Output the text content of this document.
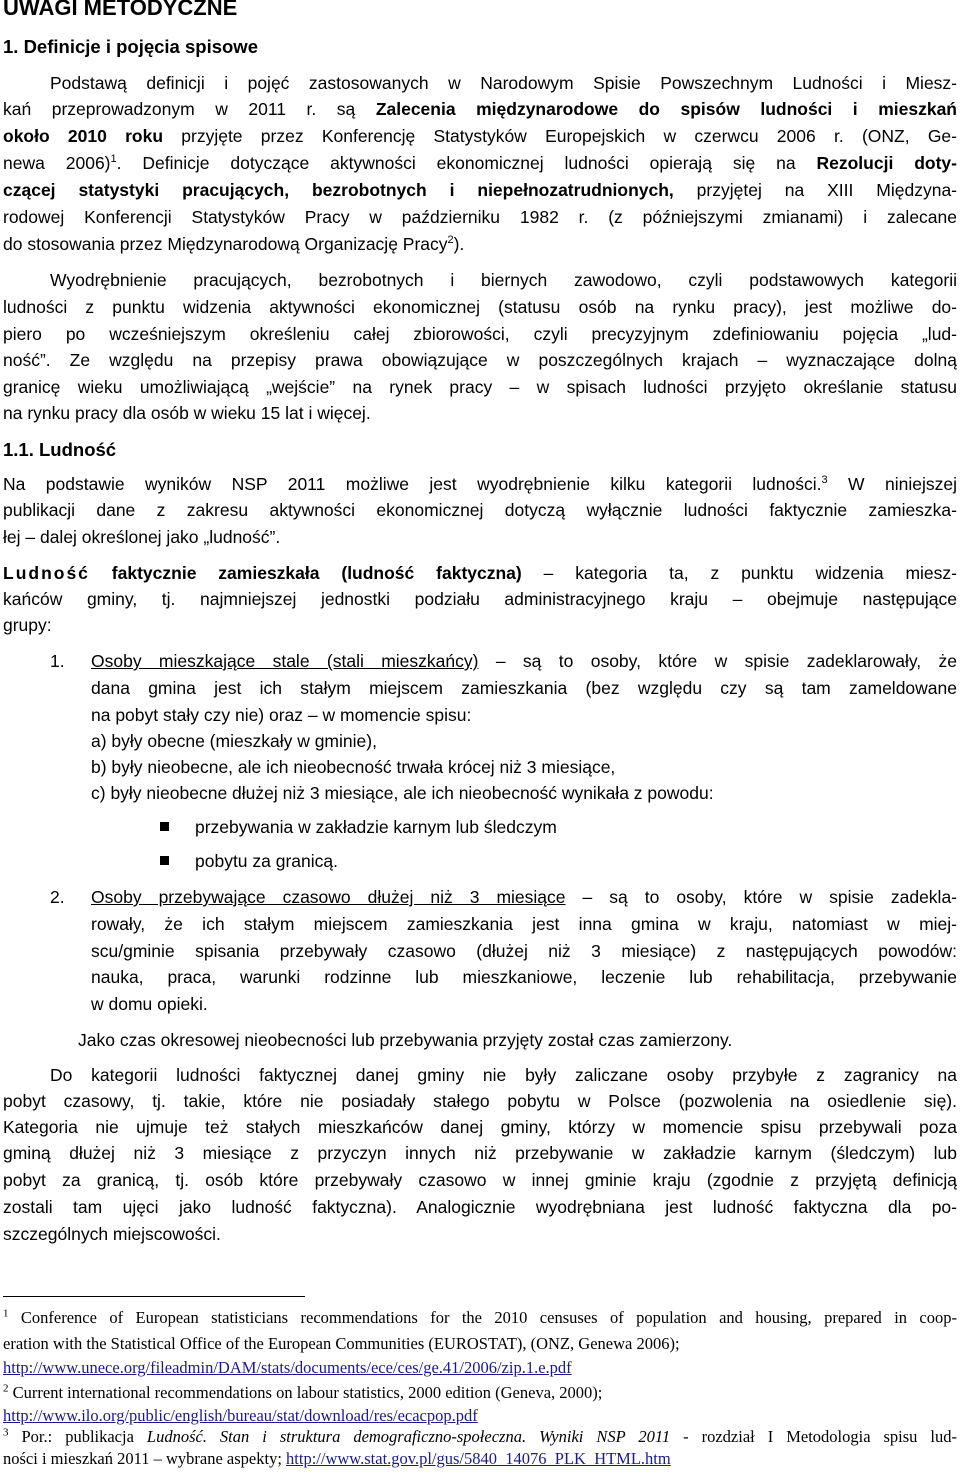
UWAGI METODYCZNE
1. Definicje i pojęcia spisowe
Podstawą definicji i pojęć zastosowanych w Narodowym Spisie Powszechnym Ludności i Miesz-
kań przeprowadzonym w 2011 r. są Zalecenia międzynarodowe do spisów ludności i mieszkań
około 2010 roku przyjęte przez Konferencję Statystyków Europejskich w czerwcu 2006 r. (ONZ, Ge-
newa 2006)$^1$. Definicje dotyczące aktywności ekonomicznej ludności opierają się na Rezolucji doty-
czącej statystyki pracujących, bezrobotnych i niepełnozatrudnionych, przyjętej na XIII Międzyna-
rodowej Konferencji Statystyków Pracy w październiku 1982 r. (z późniejszymi zmianami) i zalecane
do stosowania przez Międzynarodową Organizację Pracy$^2$).
Wyodrębnienie pracujących, bezrobotnych i biernych zawodowo, czyli podstawowych kategorii
ludności z punktu widzenia aktywności ekonomicznej (statusu osób na rynku pracy), jest możliwe do-
piero po wcześniejszym określeniu całej zbiorowości, czyli precyzyjnym zdefiniowaniu pojęcia „lud-
ność”. Ze względu na przepisy prawa obowiązujące w poszczególnych krajach – wyznaczające dolną
granicę wieku umożliwiającą „wejście” na rynek pracy – w spisach ludności przyjęto określanie statusu
na rynku pracy dla osób w wieku 15 lat i więcej.
1.1. Ludność
Na podstawie wyników NSP 2011 możliwe jest wyodrębnienie kilku kategorii ludności.$^3$ W niniejszej
publikacji dane z zakresu aktywności ekonomicznej dotyczą wyłącznie ludności faktycznie zamieszka-
łej – dalej określonej jako „ludność”.
Ludność faktycznie zamieszkała (ludność faktyczna) – kategoria ta, z punktu widzenia miesz-
kańców gminy, tj. najmniejszej jednostki podziału administracyjnego kraju – obejmuje następujące
grupy:
1.	Osoby mieszkające stale (stali mieszkańcy) – są to osoby, które w spisie zadeklarowały, że
dana gmina jest ich stałym miejscem zamieszkania (bez względu czy są tam zameldowane
na pobyt stały czy nie) oraz – w momencie spisu:
a) były obecne (mieszkały w gminie),
b) były nieobecne, ale ich nieobecność trwała krócej niż 3 miesiące,
c) były nieobecne dłużej niż 3 miesiące, ale ich nieobecność wynikała z powodu:
przebywania w zakładzie karnym lub śledczym
pobytu za granicą.
2.	Osoby przebywające czasowo dłużej niż 3 miesiące – są to osoby, które w spisie zadekla-
rowały, że ich stałym miejscem zamieszkania jest inna gmina w kraju, natomiast w miej-
scu/gminie spisania przebywały czasowo (dłużej niż 3 miesiące) z następujących powodów:
nauka, praca, warunki rodzinne lub mieszkaniowe, leczenie lub rehabilitacja, przebywanie
w domu opieki.
Jako czas okresowej nieobecności lub przebywania przyjęty został czas zamierzony.
Do kategorii ludności faktycznej danej gminy nie były zaliczane osoby przybyłe z zagranicy na
pobyt czasowy, tj. takie, które nie posiadały stałego pobytu w Polsce (pozwolenia na osiedlenie się).
Kategoria nie ujmuje też stałych mieszkańców danej gminy, którzy w momencie spisu przebywali poza
gminą dłużej niż 3 miesiące z przyczyn innych niż przebywanie w zakładzie karnym (śledczym) lub
pobyt za granicą, tj. osób które przebywały czasowo w innej gminie kraju (zgodnie z przyjętą definicją
zostali tam ujęci jako ludność faktyczna). Analogicznie wyodrębniana jest ludność faktyczna dla po-
szczególnych miejscowości.
$^1$ Conference of European statisticians recommendations for the 2010 censuses of population and housing, prepared in coop-
eration with the Statistical Office of the European Communities (EUROSTAT), (ONZ, Genewa 2006);
http://www.unece.org/fileadmin/DAM/stats/documents/ece/ces/ge.41/2006/zip.1.e.pdf
$^2$ Current international recommendations on labour statistics, 2000 edition (Geneva, 2000);
http://www.ilo.org/public/english/bureau/stat/download/res/ecacpop.pdf
$^3$ Por.: publikacja Ludność. Stan i struktura demograficzno-społeczna. Wyniki NSP 2011 - rozdział I Metodologia spisu lud-
ności i mieszkań 2011 – wybrane aspekty; http://www.stat.gov.pl/gus/5840_14076_PLK_HTML.htm
